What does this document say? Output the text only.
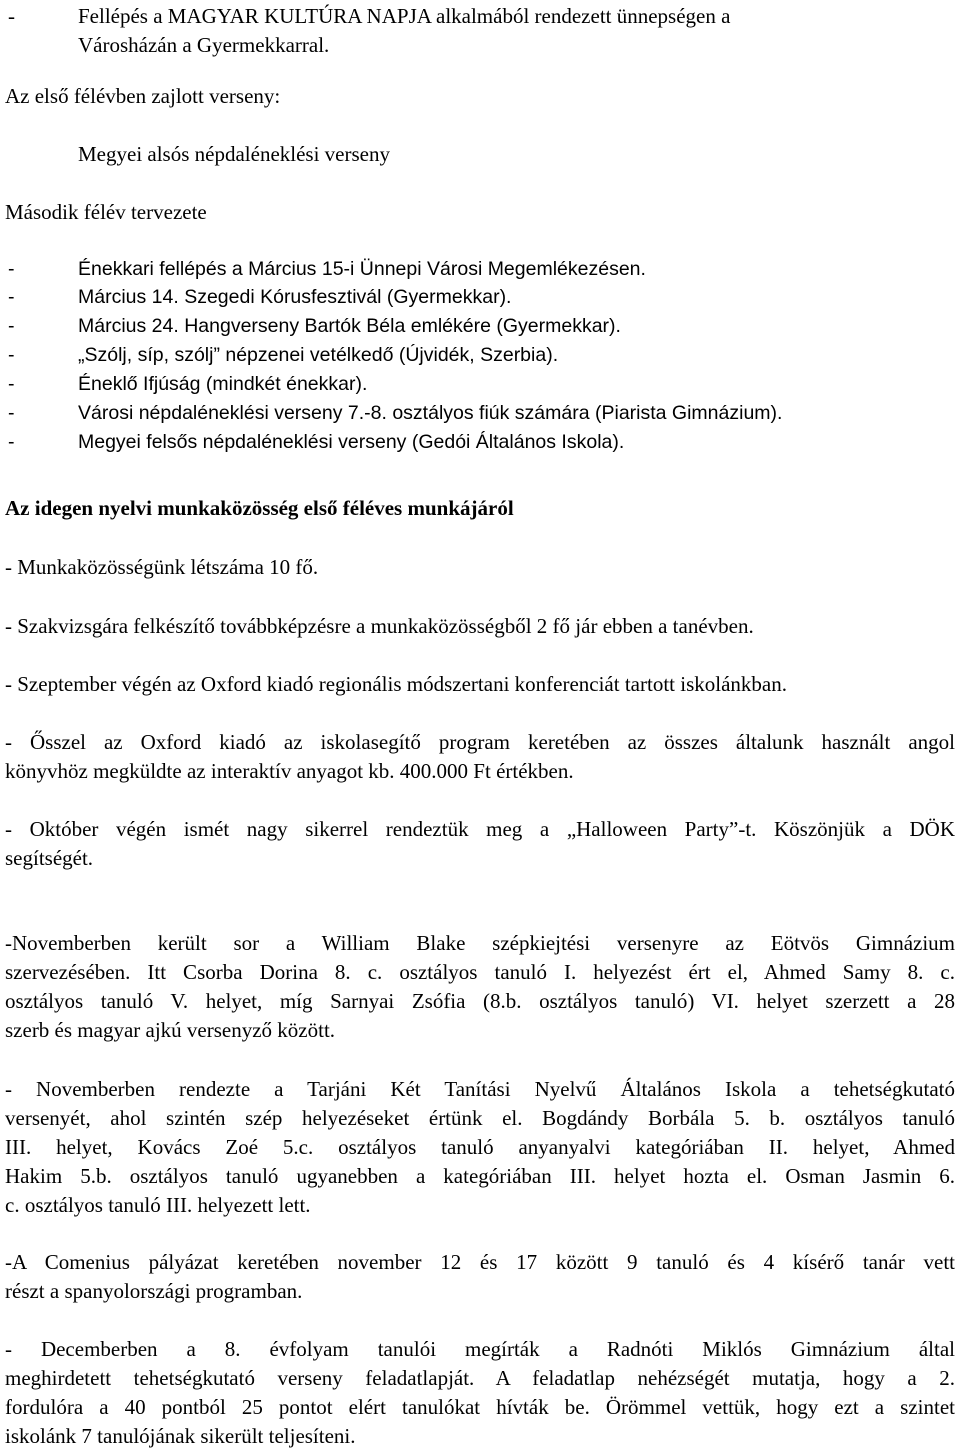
-	Fellépés a MAGYAR KULTÚRA NAPJA alkalmából rendezett ünnepségen a
Városházán a Gyermekkarral.
Az első félévben zajlott verseny:
Megyei alsós népdaléneklési verseny
Második félév tervezete
-	Énekkari fellépés a Március 15-i Ünnepi Városi Megemlékezésen.
-	Március 14. Szegedi Kórusfesztivál (Gyermekkar).
-	Március 24. Hangverseny Bartók Béla emlékére (Gyermekkar).
-	„Szólj, síp, szólj” népzenei vetélkedő (Újvidék, Szerbia).
-	Éneklő Ifjúság (mindkét énekkar).
-	Városi népdaléneklési verseny 7.-8. osztályos fiúk számára (Piarista Gimnázium).
-	Megyei felsős népdaléneklési verseny (Gedói Általános Iskola).
Az idegen nyelvi munkaközösség első féléves munkájáról
- Munkaközösségünk létszáma 10 fő.
- Szakvizsgára felkészítő továbbképzésre a munkaközösségből 2 fő jár ebben a tanévben.
- Szeptember végén az Oxford kiadó regionális módszertani konferenciát tartott iskolánkban.
- Ősszel az Oxford kiadó az iskolasegítő program keretében az összes általunk használt angol
könyvhöz megküldte az interaktív anyagot kb. 400.000 Ft értékben.
- Október végén ismét nagy sikerrel rendeztük meg a „Halloween Party”-t. Köszönjük a DÖK
segítségét.
-Novemberben került sor a William Blake szépkiejtési versenyre az Eötvös Gimnázium
szervezésében. Itt Csorba Dorina 8. c. osztályos tanuló I. helyezést ért el, Ahmed Samy 8. c.
osztályos tanuló V. helyet, míg Sarnyai Zsófia (8.b. osztályos tanuló) VI. helyet szerzett a 28
szerb és magyar ajkú versenyző között.
- Novemberben rendezte a Tarjáni Két Tanítási Nyelvű Általános Iskola a tehetségkutató
versenyét, ahol szintén szép helyezéseket értünk el. Bogdándy Borbála 5. b. osztályos tanuló
III. helyet, Kovács Zoé 5.c. osztályos tanuló anyanyalvi kategóriában II. helyet, Ahmed
Hakim 5.b. osztályos tanuló ugyanebben a kategóriában III. helyet hozta el. Osman Jasmin 6.
c. osztályos tanuló III. helyezett lett.
-A Comenius pályázat keretében november 12 és 17 között 9 tanuló és 4 kísérő tanár vett
részt a spanyolországi programban.
- Decemberben a 8. évfolyam tanulói megírták a Radnóti Miklós Gimnázium által
meghirdetett tehetségkutató verseny feladatlapját. A feladatlap nehézségét mutatja, hogy a 2.
fordulóra a 40 pontból 25 pontot elért tanulókat hívták be. Örömmel vettük, hogy ezt a szintet
iskolánk 7 tanulójának sikerült teljesíteni.
